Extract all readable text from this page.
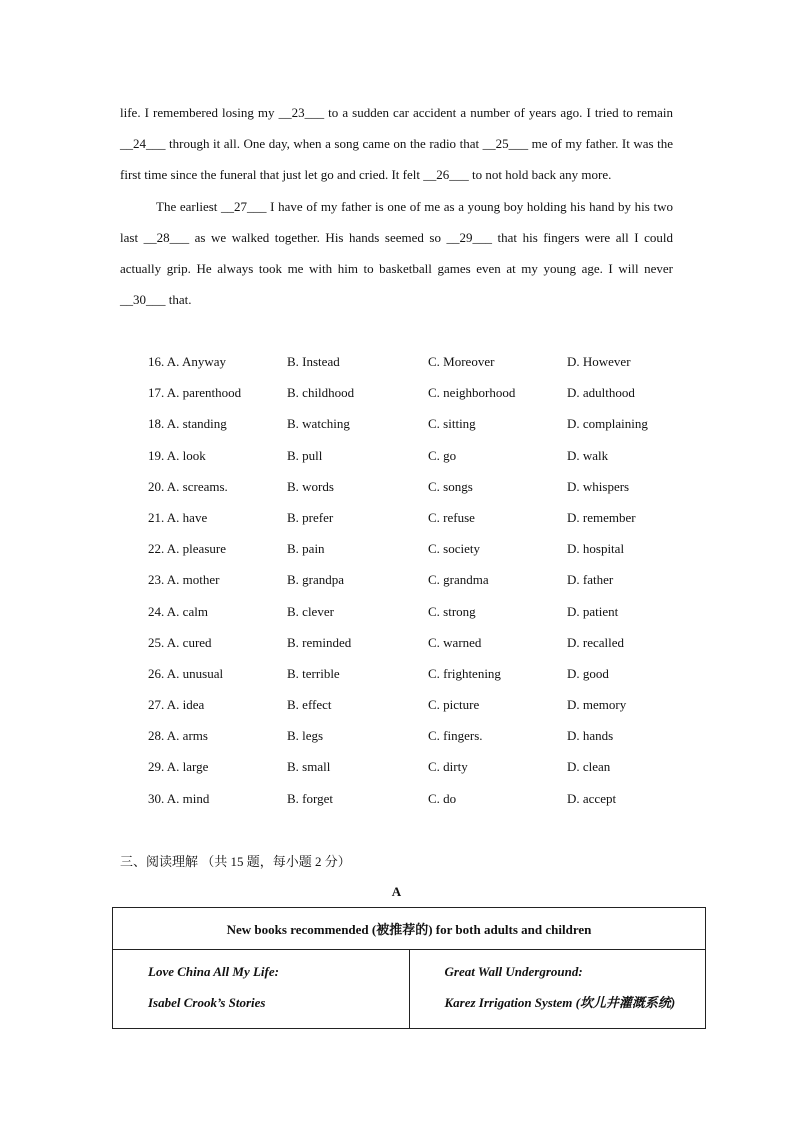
life. I remembered losing my __23___ to a sudden car accident a number of years ago. I tried to remain __24___ through it all. One day, when a song came on the radio that __25___ me of my father. It was the first time since the funeral that just let go and cried. It felt __26___ to not hold back any more.

The earliest __27___ I have of my father is one of me as a young boy holding his hand by his two last __28___ as we walked together. His hands seemed so __29___ that his fingers were all I could actually grip. He always took me with him to basketball games even at my young age. I will never __30___ that.

16. A. Anyway	B. Instead	C. Moreover	D. However
17. A. parenthood	B. childhood	C. neighborhood	D. adulthood
18. A. standing	B. watching	C. sitting	D. complaining
19. A. look	B. pull	C. go	D. walk
20. A. screams.	B. words	C. songs	D. whispers
21. A. have	B. prefer	C. refuse	D. remember
22. A. pleasure	B. pain	C. society	D. hospital
23. A. mother	B. grandpa	C. grandma	D. father
24. A. calm	B. clever	C. strong	D. patient
25. A. cured	B. reminded	C. warned	D. recalled
26. A. unusual	B. terrible	C. frightening	D. good
27. A. idea	B. effect	C. picture	D. memory
28. A. arms	B. legs	C. fingers.	D. hands
29. A. large	B. small	C. dirty	D. clean
30. A. mind	B. forget	C. do	D. accept
三、阅读理解 （共 15 题，每小题 2 分）
A
New books recommended (被推荐的) for both adults and children

Love China All My Life:
Isabel Crook’s Stories

Great Wall Underground:
Karez Irrigation System (坎儿井灌溉系统)
